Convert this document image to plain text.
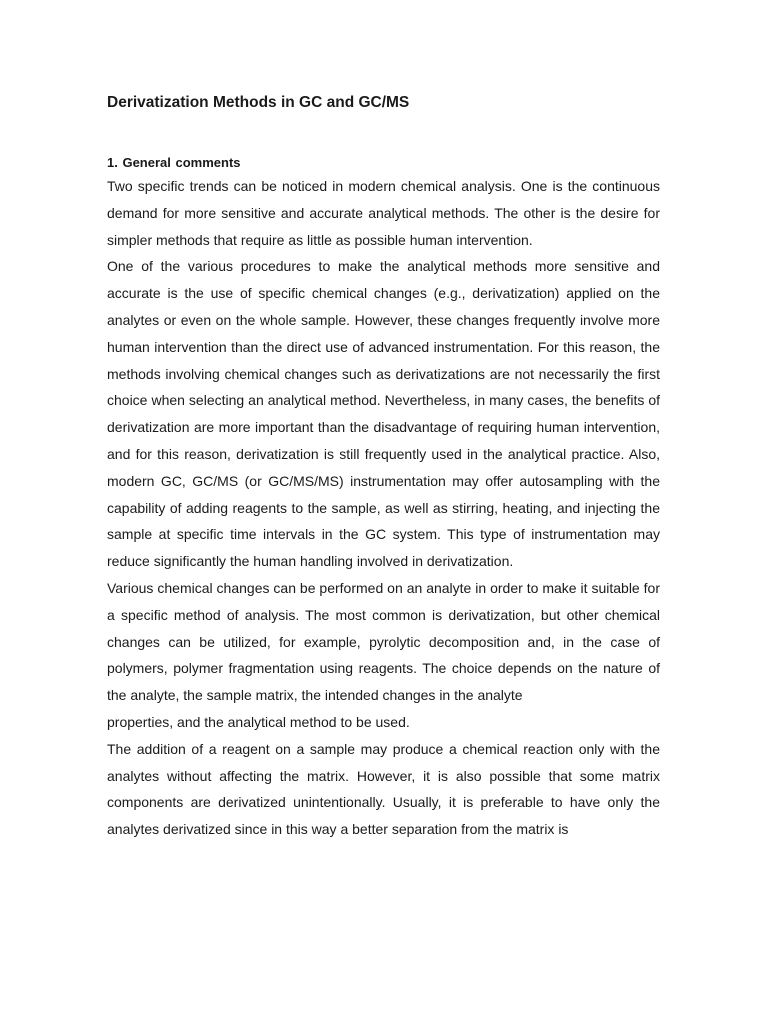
Derivatization Methods in GC and GC/MS
1. General comments

Two specific trends can be noticed in modern chemical analysis. One is the continuous demand for more sensitive and accurate analytical methods. The other is the desire for simpler methods that require as little as possible human intervention.

One of the various procedures to make the analytical methods more sensitive and accurate is the use of specific chemical changes (e.g., derivatization) applied on the analytes or even on the whole sample. However, these changes frequently involve more human intervention than the direct use of advanced instrumentation. For this reason, the methods involving chemical changes such as derivatizations are not necessarily the first choice when selecting an analytical method. Nevertheless, in many cases, the benefits of derivatization are more important than the disadvantage of requiring human intervention, and for this reason, derivatization is still frequently used in the analytical practice. Also, modern GC, GC/MS (or GC/MS/MS) instrumentation may offer autosampling with the capability of adding reagents to the sample, as well as stirring, heating, and injecting the sample at specific time intervals in the GC system. This type of instrumentation may reduce significantly the human handling involved in derivatization.

Various chemical changes can be performed on an analyte in order to make it suitable for a specific method of analysis. The most common is derivatization, but other chemical changes can be utilized, for example, pyrolytic decomposition and, in the case of polymers, polymer fragmentation using reagents. The choice depends on the nature of the analyte, the sample matrix, the intended changes in the analyte

properties, and the analytical method to be used.

The addition of a reagent on a sample may produce a chemical reaction only with the analytes without affecting the matrix. However, it is also possible that some matrix components are derivatized unintentionally. Usually, it is preferable to have only the analytes derivatized since in this way a better separation from the matrix is
